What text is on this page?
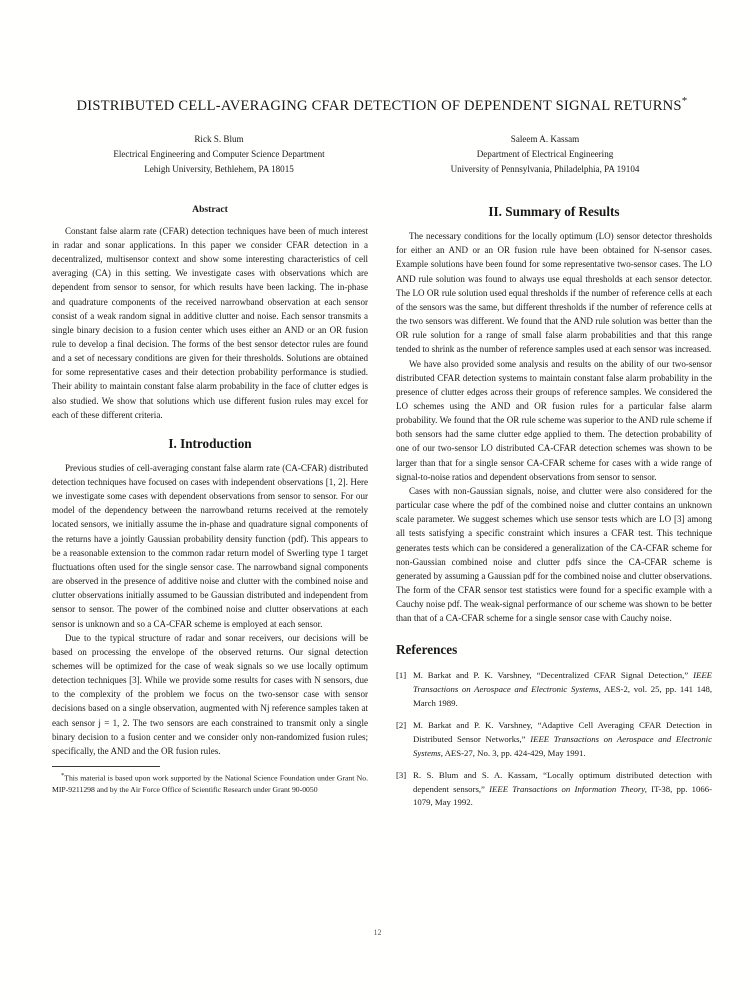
DISTRIBUTED CELL-AVERAGING CFAR DETECTION OF DEPENDENT SIGNAL RETURNS*
Rick S. Blum
Electrical Engineering and Computer Science Department
Lehigh University, Bethlehem, PA 18015
Saleem A. Kassam
Department of Electrical Engineering
University of Pennsylvania, Philadelphia, PA 19104
Abstract

Constant false alarm rate (CFAR) detection techniques have been of much interest in radar and sonar applications. In this paper we consider CFAR detection in a decentralized, multisensor context and show some interesting characteristics of cell averaging (CA) in this setting. We investigate cases with observations which are dependent from sensor to sensor, for which results have been lacking. The in-phase and quadrature components of the received narrowband observation at each sensor consist of a weak random signal in additive clutter and noise. Each sensor transmits a single binary decision to a fusion center which uses either an AND or an OR fusion rule to develop a final decision. The forms of the best sensor detector rules are found and a set of necessary conditions are given for their thresholds. Solutions are obtained for some representative cases and their detection probability performance is studied. Their ability to maintain constant false alarm probability in the face of clutter edges is also studied. We show that solutions which use different fusion rules may excel for each of these different criteria.

I. Introduction

Previous studies of cell-averaging constant false alarm rate (CA-CFAR) distributed detection techniques have focused on cases with independent observations [1, 2]. Here we investigate some cases with dependent observations from sensor to sensor. For our model of the dependency between the narrowband returns received at the remotely located sensors, we initially assume the in-phase and quadrature signal components of the returns have a jointly Gaussian probability density function (pdf). This appears to be a reasonable extension to the common radar return model of Swerling type 1 target fluctuations often used for the single sensor case. The narrowband signal components are observed in the presence of additive noise and clutter with the combined noise and clutter observations initially assumed to be Gaussian distributed and independent from sensor to sensor. The power of the combined noise and clutter observations at each sensor is unknown and so a CA-CFAR scheme is employed at each sensor.

Due to the typical structure of radar and sonar receivers, our decisions will be based on processing the envelope of the observed returns. Our signal detection schemes will be optimized for the case of weak signals so we use locally optimum detection techniques [3]. While we provide some results for cases with N sensors, due to the complexity of the problem we focus on the two-sensor case with sensor decisions based on a single observation, augmented with Nj reference samples taken at each sensor j = 1, 2. The two sensors are each constrained to transmit only a single binary decision to a fusion center and we consider only non-randomized fusion rules; specifically, the AND and the OR fusion rules.

*This material is based upon work supported by the National Science Foundation under Grant No. MIP-9211298 and by the Air Force Office of Scientific Research under Grant 90-0050

II. Summary of Results

The necessary conditions for the locally optimum (LO) sensor detector thresholds for either an AND or an OR fusion rule have been obtained for N-sensor cases. Example solutions have been found for some representative two-sensor cases. The LO AND rule solution was found to always use equal thresholds at each sensor detector. The LO OR rule solution used equal thresholds if the number of reference cells at each of the sensors was the same, but different thresholds if the number of reference cells at the two sensors was different. We found that the AND rule solution was better than the OR rule solution for a range of small false alarm probabilities and that this range tended to shrink as the number of reference samples used at each sensor was increased.

We have also provided some analysis and results on the ability of our two-sensor distributed CFAR detection systems to maintain constant false alarm probability in the presence of clutter edges across their groups of reference samples. We considered the LO schemes using the AND and OR fusion rules for a particular false alarm probability. We found that the OR rule scheme was superior to the AND rule scheme if both sensors had the same clutter edge applied to them. The detection probability of one of our two-sensor LO distributed CA-CFAR detection schemes was shown to be larger than that for a single sensor CA-CFAR scheme for cases with a wide range of signal-to-noise ratios and dependent observations from sensor to sensor.

Cases with non-Gaussian signals, noise, and clutter were also considered for the particular case where the pdf of the combined noise and clutter contains an unknown scale parameter. We suggest schemes which use sensor tests which are LO [3] among all tests satisfying a specific constraint which insures a CFAR test. This technique generates tests which can be considered a generalization of the CA-CFAR scheme for non-Gaussian combined noise and clutter pdfs since the CA-CFAR scheme is generated by assuming a Gaussian pdf for the combined noise and clutter observations. The form of the CFAR sensor test statistics were found for a specific example with a Cauchy noise pdf. The weak-signal performance of our scheme was shown to be better than that of a CA-CFAR scheme for a single sensor case with Cauchy noise.

References
[1] M. Barkat and P. K. Varshney, “Decentralized CFAR Signal Detection,” IEEE Transactions on Aerospace and Electronic Systems, AES-2, vol. 25, pp. 141 148, March 1989.
[2] M. Barkat and P. K. Varshney, “Adaptive Cell Averaging CFAR Detection in Distributed Sensor Networks,” IEEE Transactions on Aerospace and Electronic Systems, AES-27, No. 3, pp. 424-429, May 1991.
[3] R. S. Blum and S. A. Kassam, “Locally optimum distributed detection with dependent sensors,” IEEE Transactions on Information Theory, IT-38, pp. 1066-1079, May 1992.
12
